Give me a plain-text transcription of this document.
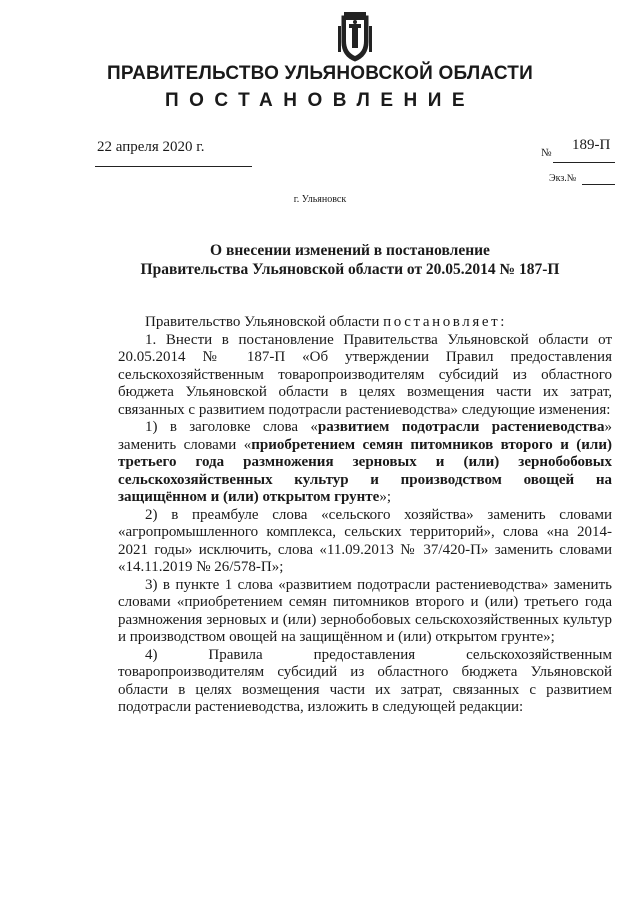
ПРАВИТЕЛЬСТВО УЛЬЯНОВСКОЙ ОБЛАСТИ
ПОСТАНОВЛЕНИЕ
22 апреля 2020 г.	№ 189-П
Экз.№
г. Ульяновск
О внесении изменений в постановление
Правительства Ульяновской области от 20.05.2014 № 187-П

Правительство Ульяновской области постановляет:

1. Внести в постановление Правительства Ульяновской области от 20.05.2014 № 187-П «Об утверждении Правил предоставления сельскохозяйственным товаропроизводителям субсидий из областного бюджета Ульяновской области в целях возмещения части их затрат, связанных с развитием подотрасли растениеводства» следующие изменения:

1) в заголовке слова «развитием подотрасли растениеводства» заменить словами «приобретением семян питомников второго и (или) третьего года размножения зерновых и (или) зернобобовых сельскохозяйственных культур и производством овощей на защищённом и (или) открытом грунте»;

2) в преамбуле слова «сельского хозяйства» заменить словами «агропромышленного комплекса, сельских территорий», слова «на 2014-2021 годы» исключить, слова «11.09.2013 № 37/420-П» заменить словами «14.11.2019 № 26/578-П»;

3) в пункте 1 слова «развитием подотрасли растениеводства» заменить словами «приобретением семян питомников второго и (или) третьего года размножения зерновых и (или) зернобобовых сельскохозяйственных культур и производством овощей на защищённом и (или) открытом грунте»;

4) Правила предоставления сельскохозяйственным товаропроизводителям субсидий из областного бюджета Ульяновской области в целях возмещения части их затрат, связанных с развитием подотрасли растениеводства, изложить в следующей редакции:
